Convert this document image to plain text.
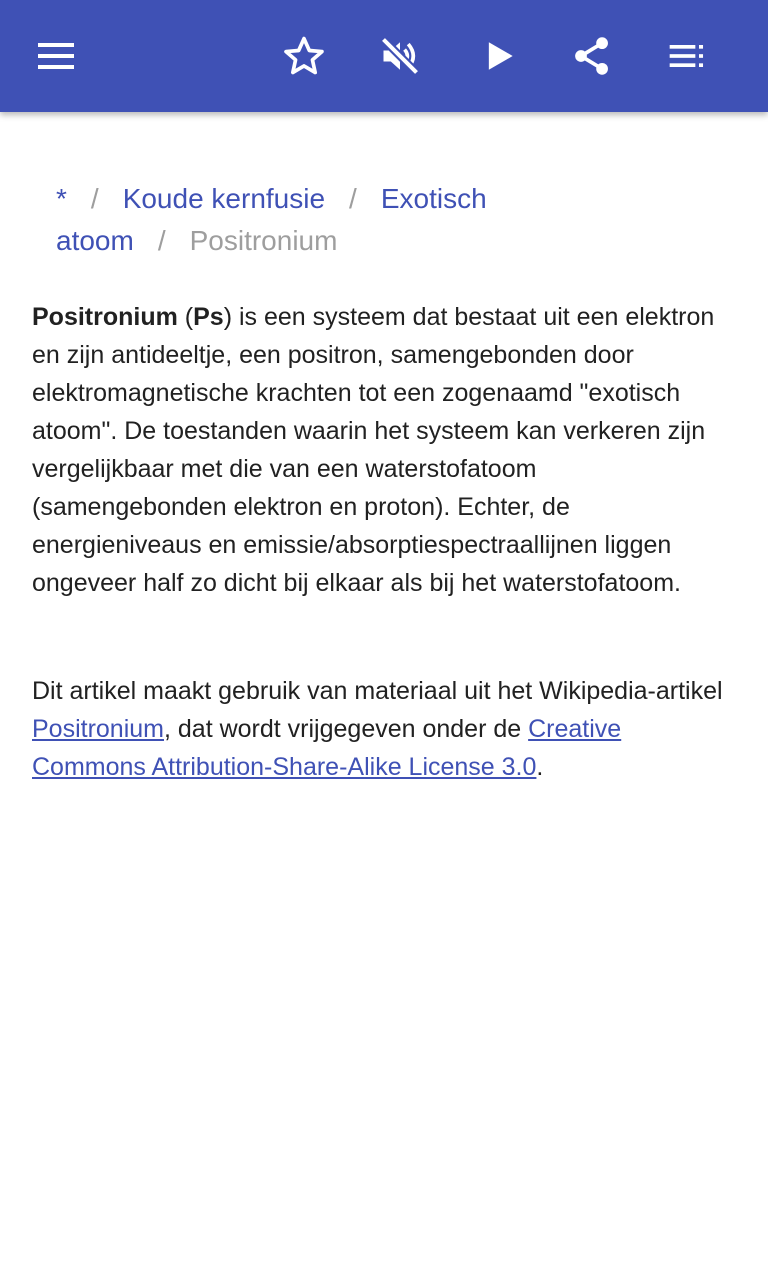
* / Koude kernfusie / Exotisch atoom / Positronium

Positronium (Ps) is een systeem dat bestaat uit een elektron en zijn antideeltje, een positron, samengebonden door elektromagnetische krachten tot een zogenaamd "exotisch atoom". De toestanden waarin het systeem kan verkeren zijn vergelijkbaar met die van een waterstofatoom (samengebonden elektron en proton). Echter, de energieniveaus en emissie/absorptiespectraallijnen liggen ongeveer half zo dicht bij elkaar als bij het waterstofatoom.

Dit artikel maakt gebruik van materiaal uit het Wikipedia-artikel Positronium, dat wordt vrijgegeven onder de Creative Commons Attribution-Share-Alike License 3.0.
